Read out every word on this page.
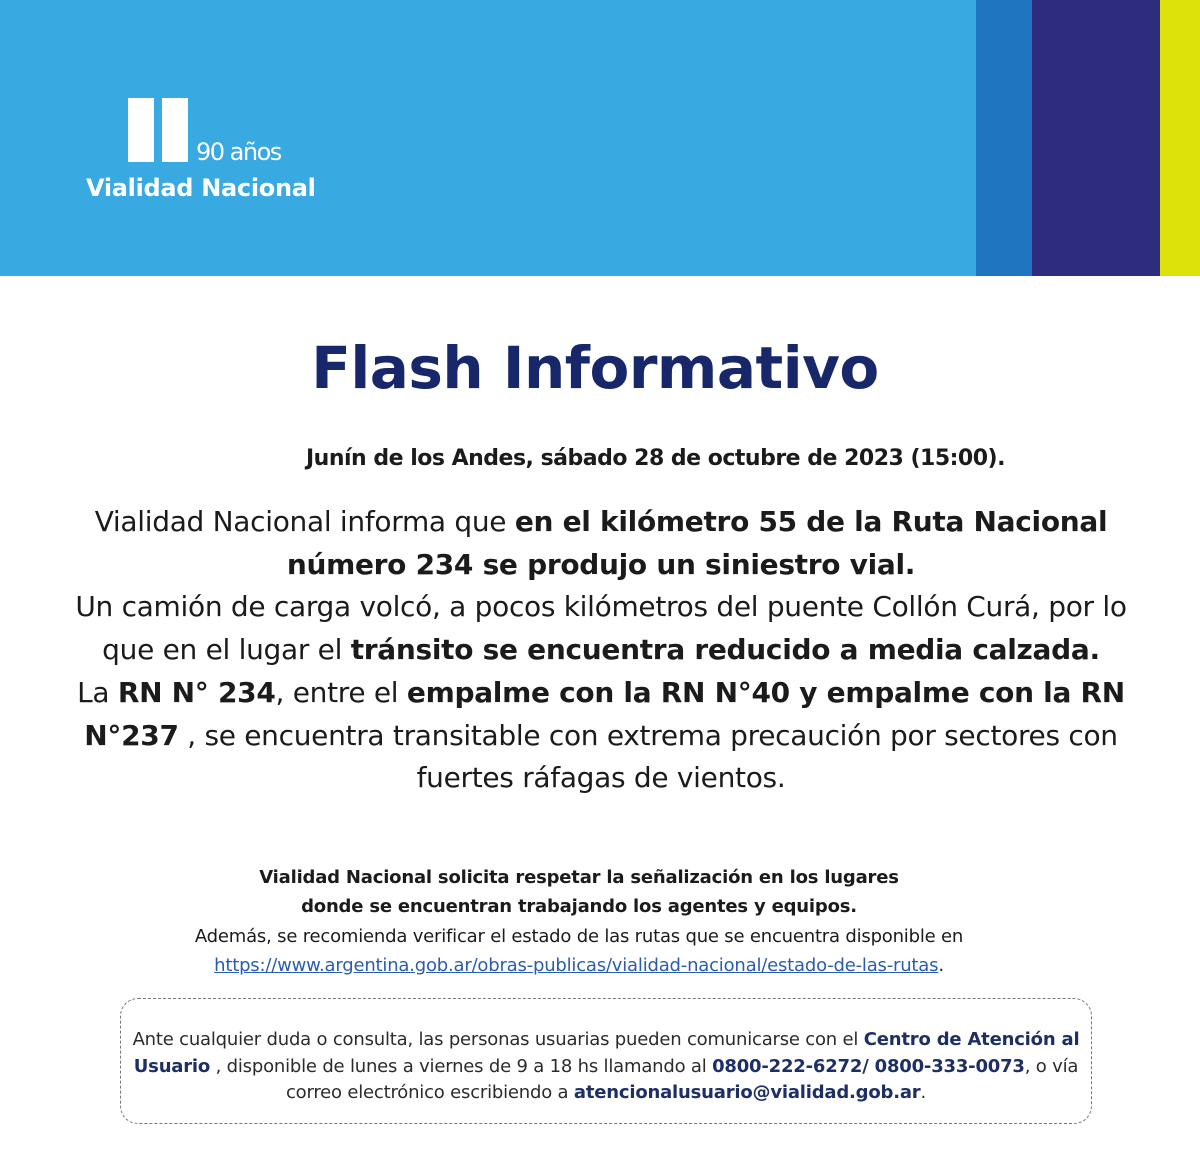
90 años
Vialidad Nacional
Flash Informativo
Junín de los Andes, sábado 28 de octubre de 2023 (15:00).
Vialidad Nacional informa que en el kilómetro 55 de la Ruta Nacional número 234 se produjo un siniestro vial.
Un camión de carga volcó, a pocos kilómetros del puente Collón Curá, por lo que en el lugar el tránsito se encuentra reducido a media calzada.
La RN N° 234, entre el empalme con la RN N°40 y empalme con la RN N°237 , se encuentra transitable con extrema precaución por sectores con fuertes ráfagas de vientos.
Vialidad Nacional solicita respetar la señalización en los lugares
donde se encuentran trabajando los agentes y equipos.
Además, se recomienda verificar el estado de las rutas que se encuentra disponible en
https://www.argentina.gob.ar/obras-publicas/vialidad-nacional/estado-de-las-rutas.
Ante cualquier duda o consulta, las personas usuarias pueden comunicarse con el Centro de Atención al Usuario , disponible de lunes a viernes de 9 a 18 hs llamando al 0800-222-6272/ 0800-333-0073, o vía correo electrónico escribiendo a atencionalusuario@vialidad.gob.ar.
